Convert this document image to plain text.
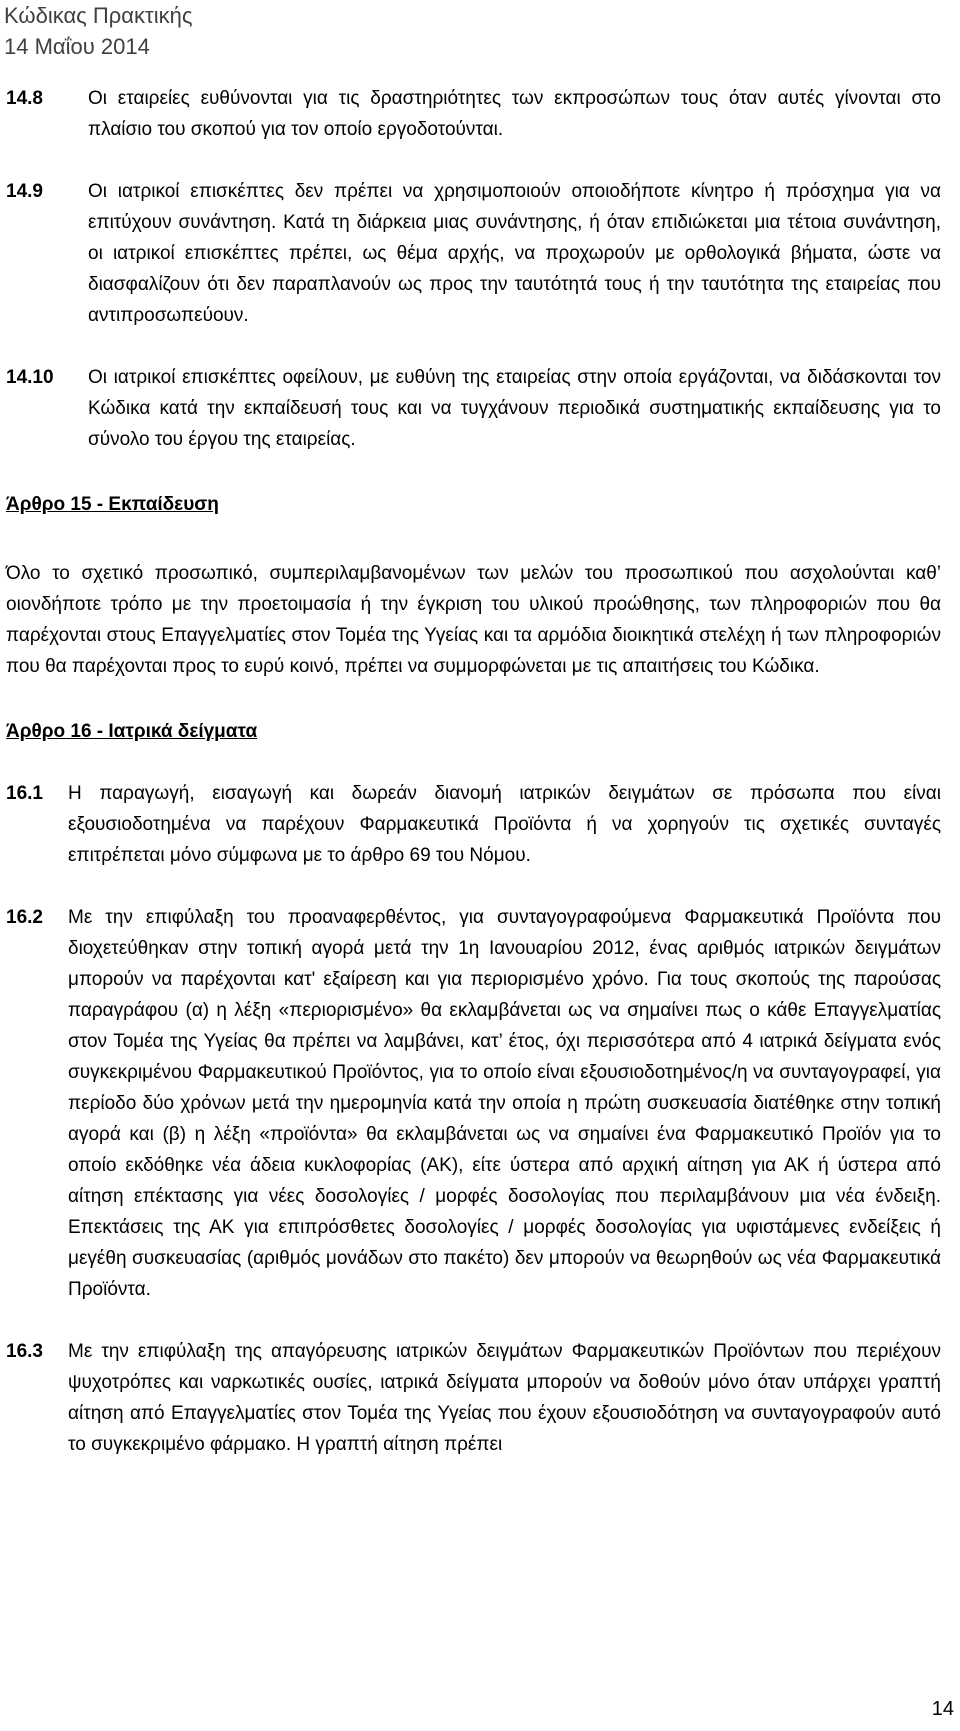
Κώδικας Πρακτικής
14 Μαΐου 2014
14.8	Οι εταιρείες ευθύνονται για τις δραστηριότητες των εκπροσώπων τους όταν αυτές γίνονται στο πλαίσιο του σκοπού για τον οποίο εργοδοτούνται.
14.9	Οι ιατρικοί επισκέπτες δεν πρέπει να χρησιμοποιούν οποιοδήποτε κίνητρο ή πρόσχημα για να επιτύχουν συνάντηση. Κατά τη διάρκεια μιας συνάντησης, ή όταν επιδιώκεται μια τέτοια συνάντηση, οι ιατρικοί επισκέπτες πρέπει, ως θέμα αρχής, να προχωρούν με ορθολογικά βήματα, ώστε να διασφαλίζουν ότι δεν παραπλανούν ως προς την ταυτότητά τους ή την ταυτότητα της εταιρείας που αντιπροσωπεύουν.
14.10	Οι ιατρικοί επισκέπτες οφείλουν, με ευθύνη της εταιρείας στην οποία εργάζονται, να διδάσκονται τον Κώδικα κατά την εκπαίδευσή τους και να τυγχάνουν περιοδικά συστηματικής εκπαίδευσης για το σύνολο του έργου της εταιρείας.
Άρθρο 15 - Εκπαίδευση
Όλο το σχετικό προσωπικό, συμπεριλαμβανομένων των μελών του προσωπικού που ασχολούνται καθ’ οιονδήποτε τρόπο με την προετοιμασία ή την έγκριση του υλικού προώθησης, των πληροφοριών που θα παρέχονται στους Επαγγελματίες στον Τομέα της Υγείας και τα αρμόδια διοικητικά στελέχη ή των πληροφοριών που θα παρέχονται προς το ευρύ κοινό, πρέπει να συμμορφώνεται με τις απαιτήσεις του Κώδικα.
Άρθρο 16 - Ιατρικά δείγματα
16.1	Η παραγωγή, εισαγωγή και δωρεάν διανομή ιατρικών δειγμάτων σε πρόσωπα που είναι εξουσιοδοτημένα να παρέχουν Φαρμακευτικά Προϊόντα ή να χορηγούν τις σχετικές συνταγές επιτρέπεται μόνο σύμφωνα με το άρθρο 69 του Νόμου.
16.2	Με την επιφύλαξη του προαναφερθέντος, για συνταγογραφούμενα Φαρμακευτικά Προϊόντα που διοχετεύθηκαν στην τοπική αγορά μετά την 1η Ιανουαρίου 2012, ένας αριθμός ιατρικών δειγμάτων μπορούν να παρέχονται κατ' εξαίρεση και για περιορισμένο χρόνο. Για τους σκοπούς της παρούσας παραγράφου (α) η λέξη «περιορισμένο» θα εκλαμβάνεται ως να σημαίνει πως ο κάθε Επαγγελματίας στον Τομέα της Υγείας θα πρέπει να λαμβάνει, κατ’ έτος, όχι περισσότερα από 4 ιατρικά δείγματα ενός συγκεκριμένου Φαρμακευτικού Προϊόντος, για το οποίο είναι εξουσιοδοτημένος/η να συνταγογραφεί, για περίοδο δύο χρόνων μετά την ημερομηνία κατά την οποία η πρώτη συσκευασία διατέθηκε στην τοπική αγορά και (β) η λέξη «προϊόντα» θα εκλαμβάνεται ως να σημαίνει ένα Φαρμακευτικό Προϊόν για το οποίο εκδόθηκε νέα άδεια κυκλοφορίας (ΑΚ), είτε ύστερα από αρχική αίτηση για ΑΚ ή ύστερα από αίτηση επέκτασης για νέες δοσολογίες / μορφές δοσολογίας που περιλαμβάνουν μια νέα ένδειξη. Επεκτάσεις της ΑΚ για επιπρόσθετες δοσολογίες / μορφές δοσολογίας για υφιστάμενες ενδείξεις ή μεγέθη συσκευασίας (αριθμός μονάδων στο πακέτο) δεν μπορούν να θεωρηθούν ως νέα Φαρμακευτικά Προϊόντα.
16.3	Με την επιφύλαξη της απαγόρευσης ιατρικών δειγμάτων Φαρμακευτικών Προϊόντων που περιέχουν ψυχοτρόπες και ναρκωτικές ουσίες, ιατρικά δείγματα μπορούν να δοθούν μόνο όταν υπάρχει γραπτή αίτηση από Επαγγελματίες στον Τομέα της Υγείας που έχουν εξουσιοδότηση να συνταγογραφούν αυτό το συγκεκριμένο φάρμακο. Η γραπτή αίτηση πρέπει
14
